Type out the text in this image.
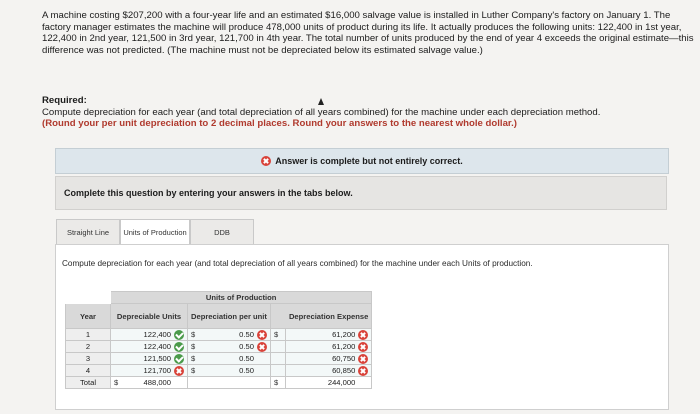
A machine costing $207,200 with a four-year life and an estimated $16,000 salvage value is installed in Luther Company's factory on January 1. The factory manager estimates the machine will produce 478,000 units of product during its life. It actually produces the following units: 122,400 in 1st year, 122,400 in 2nd year, 121,500 in 3rd year, 121,700 in 4th year. The total number of units produced by the end of year 4 exceeds the original estimate—this difference was not predicted. (The machine must not be depreciated below its estimated salvage value.)
Required:
Compute depreciation for each year (and total depreciation of all years combined) for the machine under each depreciation method.
(Round your per unit depreciation to 2 decimal places. Round your answers to the nearest whole dollar.)
Answer is complete but not entirely correct.
Complete this question by entering your answers in the tabs below.
Straight Line	Units of Production	DDB
Compute depreciation for each year (and total depreciation of all years combined) for the machine under each Units of production.
	Units of Production			
Year	Depreciable Units	Depreciation per unit		Depreciation Expense
1	122,400	$ 0.50	$	61,200

2	122,400	$ 0.50		61,200

3	121,500	$ 0.50		60,750

4	121,700	$ 0.50		60,850

Total	$ 488,000		$	244,000
